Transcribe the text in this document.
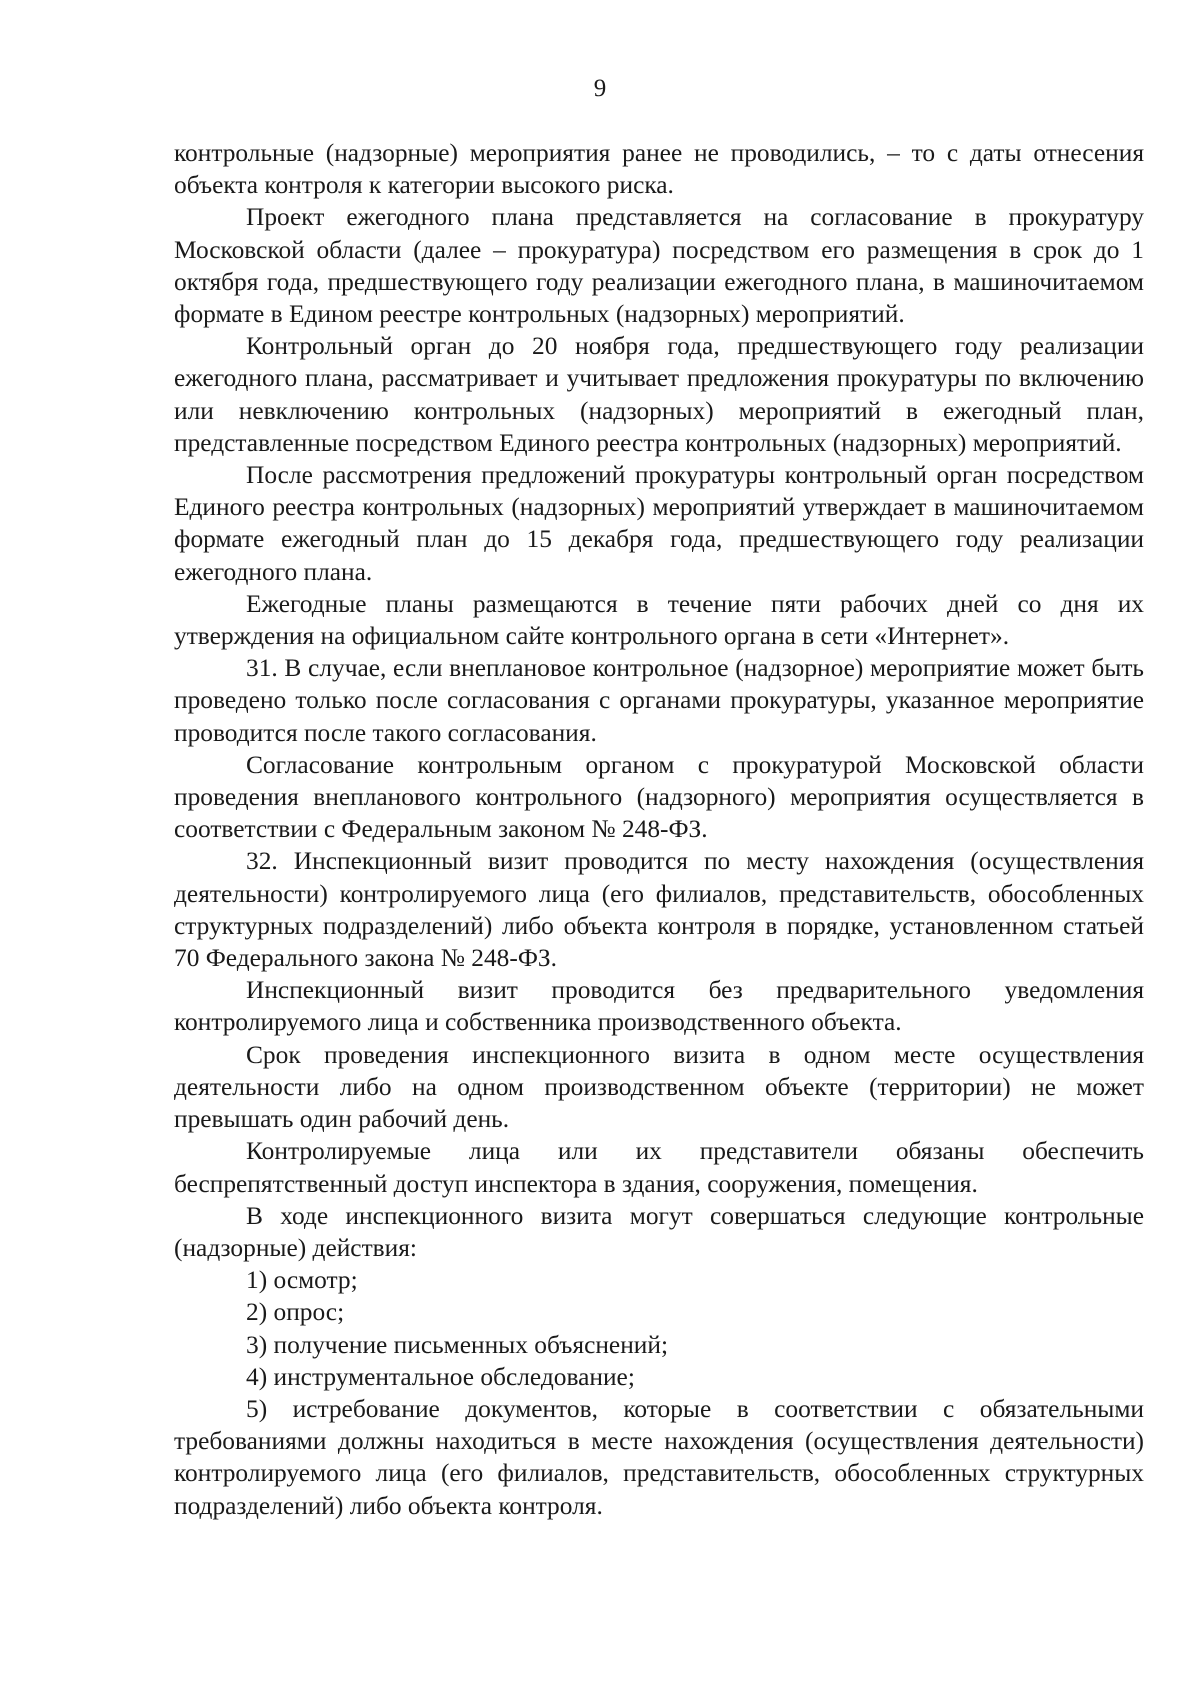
9

контрольные (надзорные) мероприятия ранее не проводились, – то с даты отнесения объекта контроля к категории высокого риска.

Проект ежегодного плана представляется на согласование в прокуратуру Московской области (далее – прокуратура) посредством его размещения в срок до 1 октября года, предшествующего году реализации ежегодного плана, в машиночитаемом формате в Едином реестре контрольных (надзорных) мероприятий.

Контрольный орган до 20 ноября года, предшествующего году реализации ежегодного плана, рассматривает и учитывает предложения прокуратуры по включению или невключению контрольных (надзорных) мероприятий в ежегодный план, представленные посредством Единого реестра контрольных (надзорных) мероприятий.

После рассмотрения предложений прокуратуры контрольный орган посредством Единого реестра контрольных (надзорных) мероприятий утверждает в машиночитаемом формате ежегодный план до 15 декабря года, предшествующего году реализации ежегодного плана.

Ежегодные планы размещаются в течение пяти рабочих дней со дня их утверждения на официальном сайте контрольного органа в сети «Интернет».

31. В случае, если внеплановое контрольное (надзорное) мероприятие может быть проведено только после согласования с органами прокуратуры, указанное мероприятие проводится после такого согласования.

Согласование контрольным органом с прокуратурой Московской области проведения внепланового контрольного (надзорного) мероприятия осуществляется в соответствии с Федеральным законом № 248-ФЗ.

32. Инспекционный визит проводится по месту нахождения (осуществления деятельности) контролируемого лица (его филиалов, представительств, обособленных структурных подразделений) либо объекта контроля в порядке, установленном статьей 70 Федерального закона № 248-ФЗ.

Инспекционный визит проводится без предварительного уведомления контролируемого лица и собственника производственного объекта.

Срок проведения инспекционного визита в одном месте осуществления деятельности либо на одном производственном объекте (территории) не может превышать один рабочий день.

Контролируемые лица или их представители обязаны обеспечить беспрепятственный доступ инспектора в здания, сооружения, помещения.

В ходе инспекционного визита могут совершаться следующие контрольные (надзорные) действия:

1) осмотр;

2) опрос;

3) получение письменных объяснений;

4) инструментальное обследование;

5) истребование документов, которые в соответствии с обязательными требованиями должны находиться в месте нахождения (осуществления деятельности) контролируемого лица (его филиалов, представительств, обособленных структурных подразделений) либо объекта контроля.
